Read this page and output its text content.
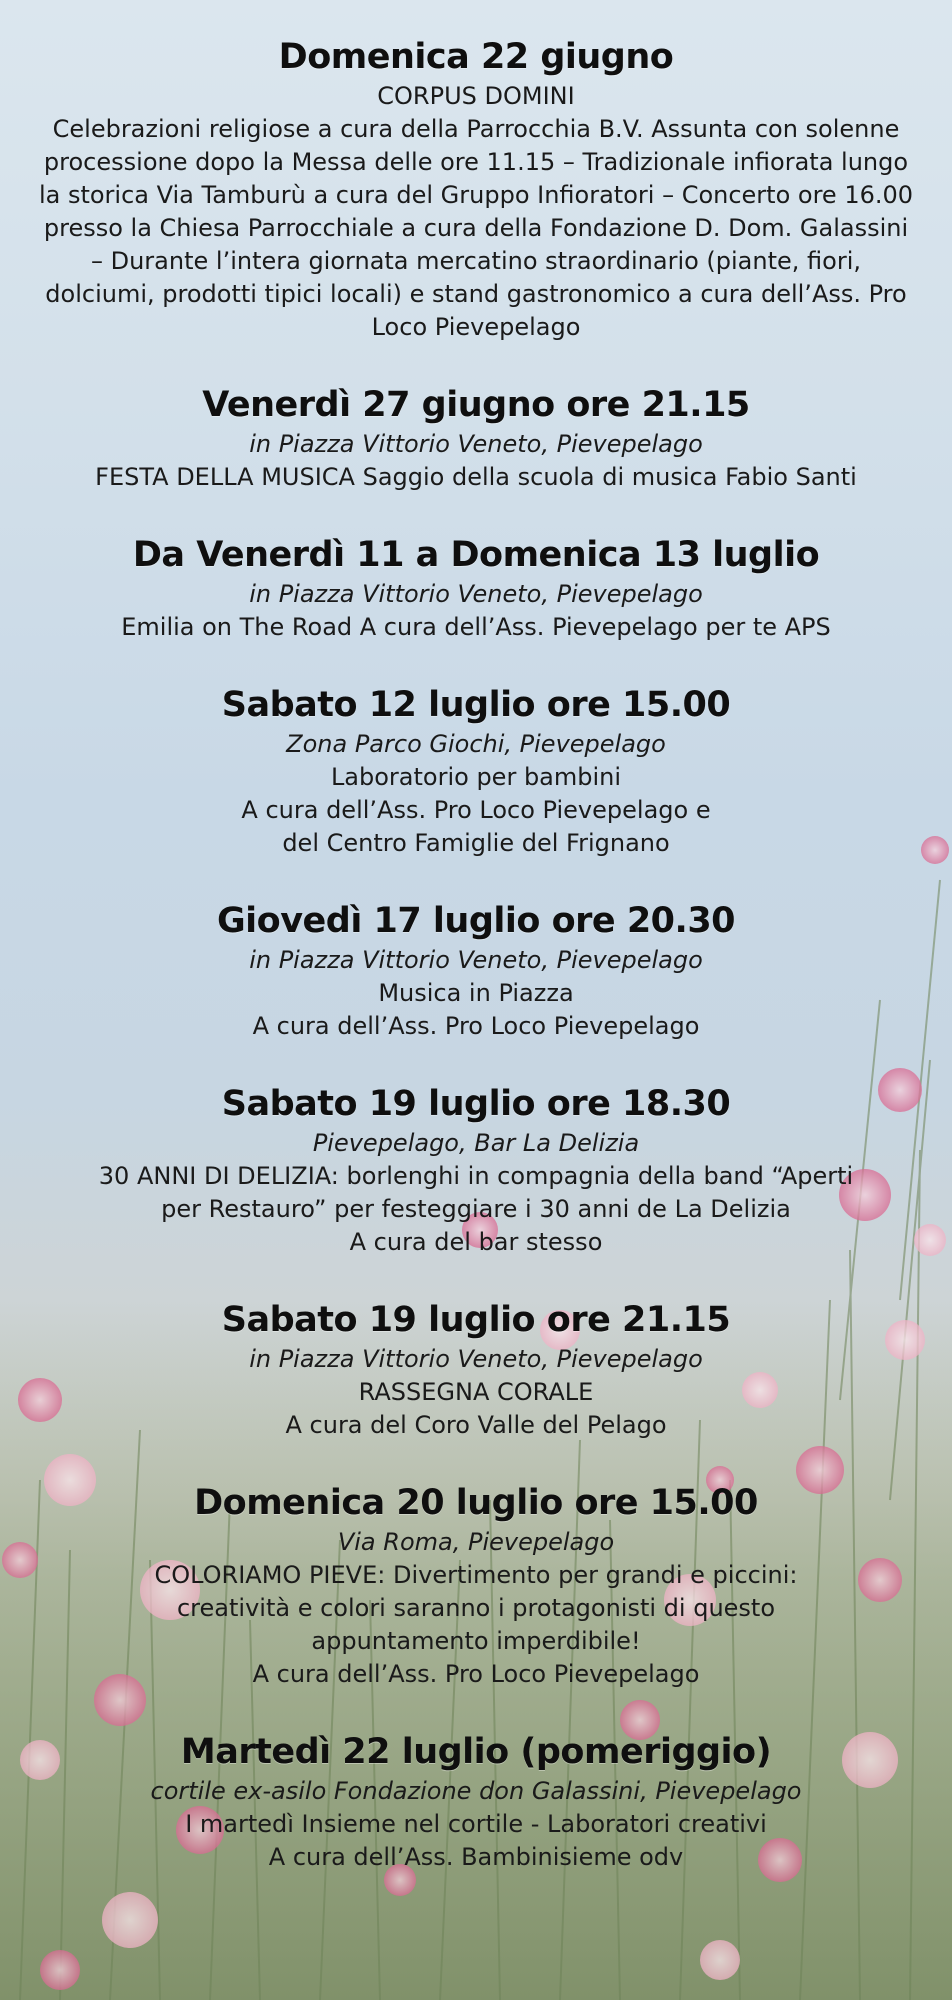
Domenica 22 giugno

CORPUS DOMINI

Celebrazioni religiose a cura della Parrocchia B.V. Assunta con solenne processione dopo la Messa delle ore 11.15 – Tradizionale infiorata lungo la storica Via Tamburù a cura del Gruppo Infioratori – Concerto ore 16.00 presso la Chiesa Parrocchiale a cura della Fondazione D. Dom. Galassini – Durante l’intera giornata mercatino straordinario (piante, fiori, dolciumi, prodotti tipici locali) e stand gastronomico a cura dell’Ass. Pro Loco Pievepelago

Venerdì 27 giugno ore 21.15

in Piazza Vittorio Veneto, Pievepelago

FESTA DELLA MUSICA Saggio della scuola di musica Fabio Santi

Da Venerdì 11 a Domenica 13 luglio

in Piazza Vittorio Veneto, Pievepelago

Emilia on The Road A cura dell’Ass. Pievepelago per te APS

Sabato 12 luglio ore 15.00

Zona Parco Giochi, Pievepelago

Laboratorio per bambini

A cura dell’Ass. Pro Loco Pievepelago e

del Centro Famiglie del Frignano

Giovedì 17 luglio ore 20.30

in Piazza Vittorio Veneto, Pievepelago

Musica in Piazza

A cura dell’Ass. Pro Loco Pievepelago

Sabato 19 luglio ore 18.30

Pievepelago, Bar La Delizia

30 ANNI DI DELIZIA: borlenghi in compagnia della band “Aperti

per Restauro” per festeggiare i 30 anni de La Delizia

A cura del bar stesso

Sabato 19 luglio ore 21.15

in Piazza Vittorio Veneto, Pievepelago

RASSEGNA CORALE

A cura del Coro Valle del Pelago

Domenica 20 luglio ore 15.00

Via Roma, Pievepelago

COLORIAMO PIEVE: Divertimento per grandi e piccini:

creatività e colori saranno i protagonisti di questo

appuntamento imperdibile!

A cura dell’Ass. Pro Loco Pievepelago

Martedì 22 luglio (pomeriggio)

cortile ex-asilo Fondazione don Galassini, Pievepelago

I martedì Insieme nel cortile - Laboratori creativi

A cura dell’Ass. Bambinisieme odv
